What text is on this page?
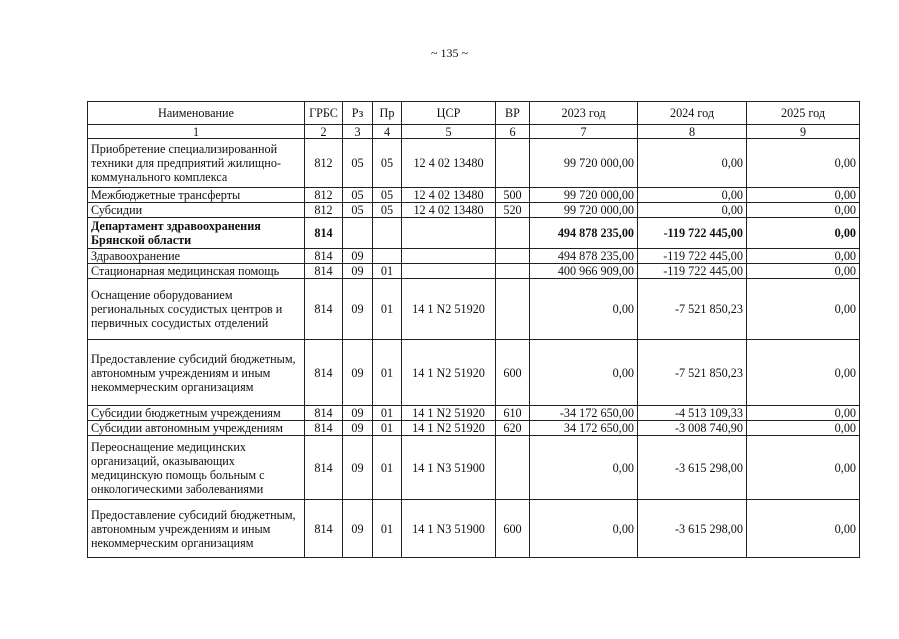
~ 135 ~
Наименование	ГРБС	Рз	Пр	ЦСР	ВР	2023 год	2024 год	2025 год
1	2	3	4	5	6	7	8	9
Приобретение специализированной техники для предприятий жилищно-коммунального комплекса	812	05	05	12 4 02 13480		99 720 000,00	0,00	0,00
Межбюджетные трансферты	812	05	05	12 4 02 13480	500	99 720 000,00	0,00	0,00
Субсидии	812	05	05	12 4 02 13480	520	99 720 000,00	0,00	0,00
Департамент здравоохранения Брянской области	814					494 878 235,00	-119 722 445,00	0,00
Здравоохранение	814	09				494 878 235,00	-119 722 445,00	0,00
Стационарная медицинская помощь	814	09	01			400 966 909,00	-119 722 445,00	0,00
Оснащение оборудованием региональных сосудистых центров и первичных сосудистых отделений	814	09	01	14 1 N2 51920		0,00	-7 521 850,23	0,00
Предоставление субсидий бюджетным, автономным учреждениям и иным некоммерческим организациям	814	09	01	14 1 N2 51920	600	0,00	-7 521 850,23	0,00
Субсидии бюджетным учреждениям	814	09	01	14 1 N2 51920	610	-34 172 650,00	-4 513 109,33	0,00
Субсидии автономным учреждениям	814	09	01	14 1 N2 51920	620	34 172 650,00	-3 008 740,90	0,00
Переоснащение медицинских организаций, оказывающих медицинскую помощь больным с онкологическими заболеваниями	814	09	01	14 1 N3 51900		0,00	-3 615 298,00	0,00
Предоставление субсидий бюджетным, автономным учреждениям и иным некоммерческим организациям	814	09	01	14 1 N3 51900	600	0,00	-3 615 298,00	0,00
